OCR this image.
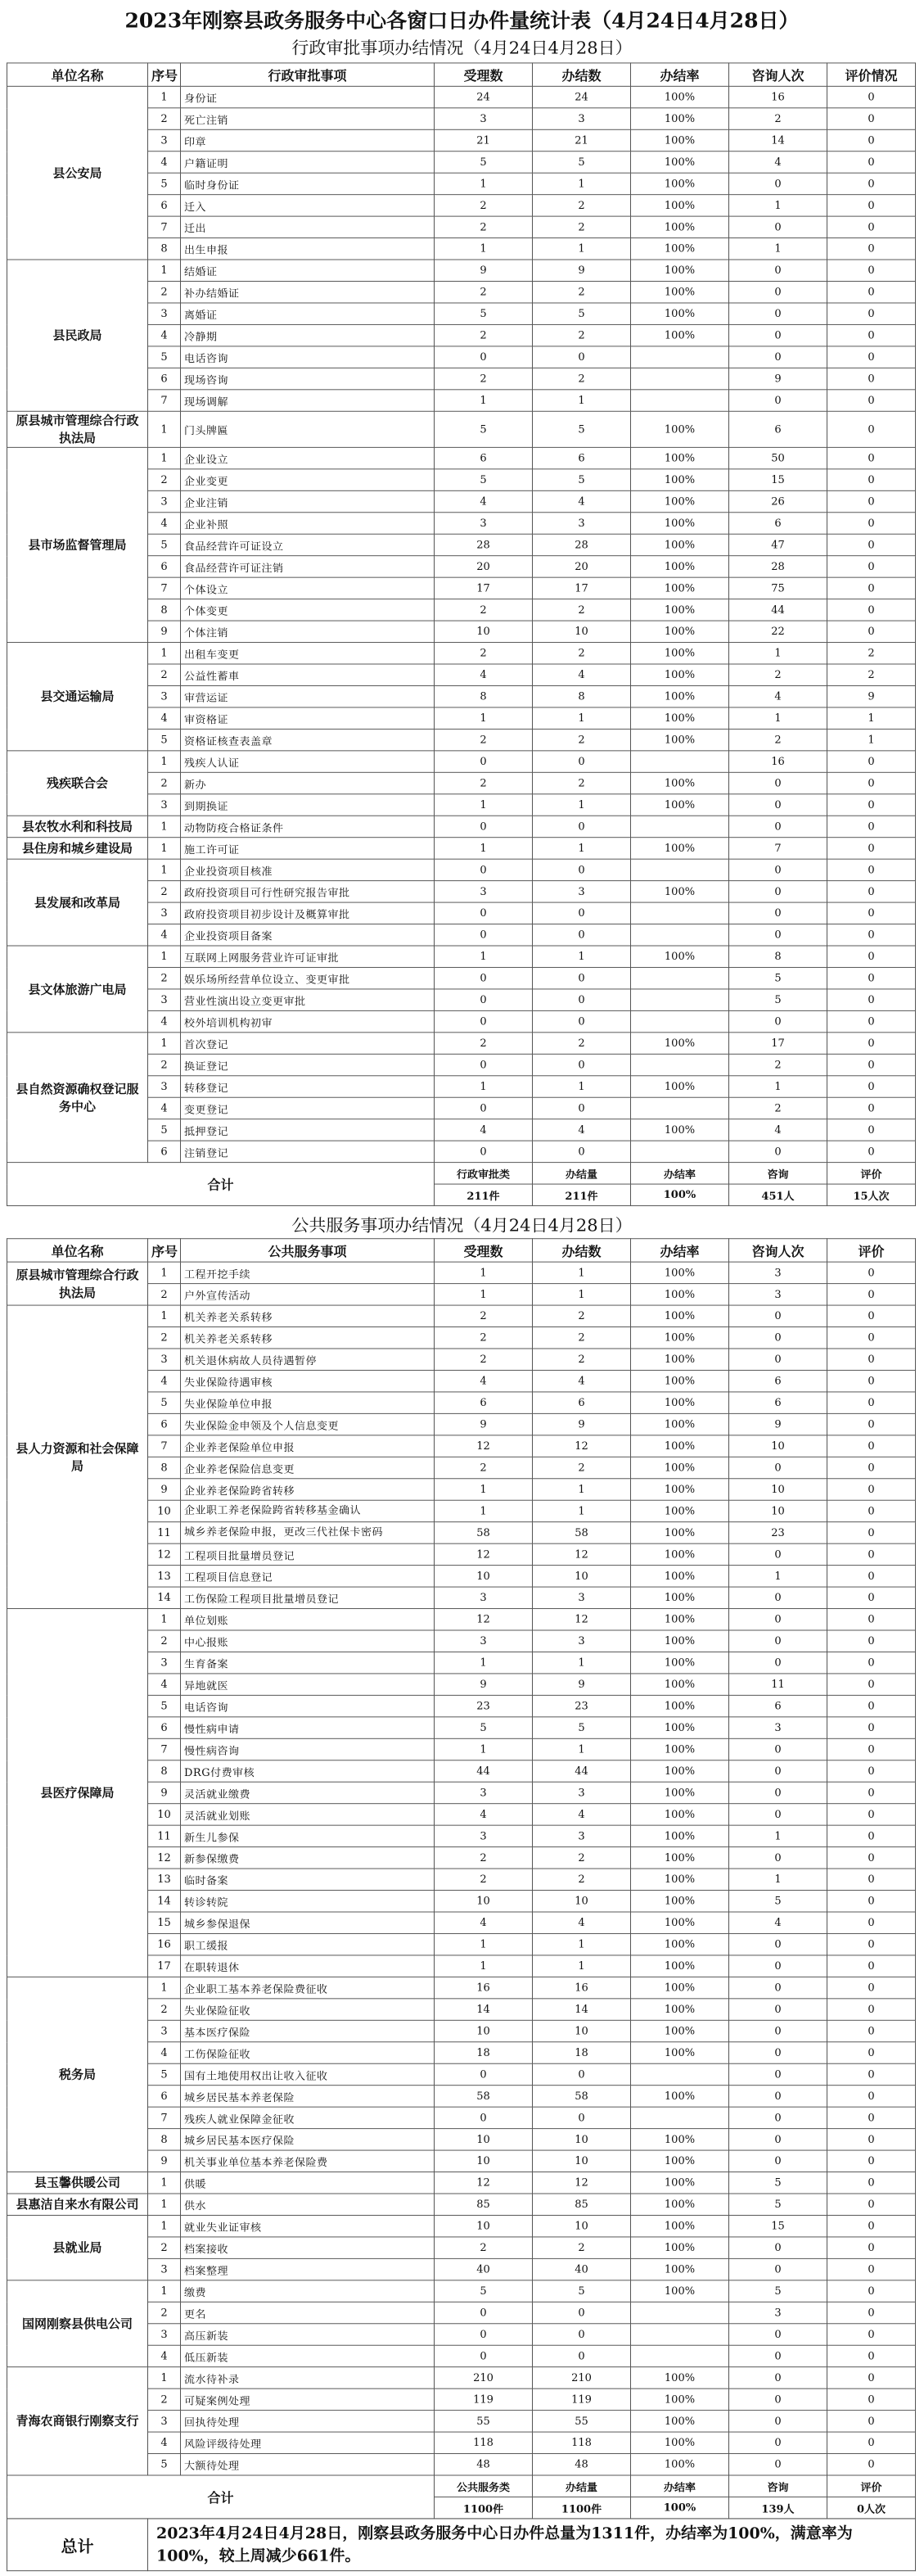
2023年刚察县政务服务中心各窗口日办件量统计表（4月24日4月28日）
行政审批事项办结情况（4月24日4月28日）
单位名称	序号	行政审批事项	受理数	办结数	办结率	咨询人次	评价情况
县公安局	1	身份证	24	24	100%	16	0
	2	死亡注销	3	3	100%	2	0
	3	印章	21	21	100%	14	0
	4	户籍证明	5	5	100%	4	0
	5	临时身份证	1	1	100%	0	0
	6	迁入	2	2	100%	1	0
	7	迁出	2	2	100%	0	0
	8	出生申报	1	1	100%	1	0
县民政局	1	结婚证	9	9	100%	0	0
	2	补办结婚证	2	2	100%	0	0
	3	离婚证	5	5	100%	0	0
	4	冷静期	2	2	100%	0	0
	5	电话咨询	0	0		0	0
	6	现场咨询	2	2		9	0
	7	现场调解	1	1		0	0
原县城市管理综合行政执法局	1	门头牌匾	5	5	100%	6	0
县市场监督管理局	1	企业设立	6	6	100%	50	0
	2	企业变更	5	5	100%	15	0
	3	企业注销	4	4	100%	26	0
	4	企业补照	3	3	100%	6	0
	5	食品经营许可证设立	28	28	100%	47	0
	6	食品经营许可证注销	20	20	100%	28	0
	7	个体设立	17	17	100%	75	0
	8	个体变更	2	2	100%	44	0
	9	个体注销	10	10	100%	22	0
县交通运输局	1	出租车变更	2	2	100%	1	2
	2	公益性蓄車	4	4	100%	2	2
	3	审营运证	8	8	100%	4	9
	4	审资格证	1	1	100%	1	1
	5	资格证核查表盖章	2	2	100%	2	1
残疾联合会	1	残疾人认证	0	0		16	0
	2	新办	2	2	100%	0	0
	3	到期换证	1	1	100%	0	0
县农牧水利和科技局	1	动物防疫合格证条件	0	0		0	0
县住房和城乡建设局	1	施工许可证	1	1	100%	7	0
县发展和改革局	1	企业投资项目核准	0	0		0	0
	2	政府投资项目可行性研究报告审批	3	3	100%	0	0
	3	政府投资项目初步设计及概算审批	0	0		0	0
	4	企业投资项目备案	0	0		0	0
县文体旅游广电局	1	互联网上网服务营业许可证审批	1	1	100%	8	0
	2	娱乐场所经营单位设立、变更审批	0	0		5	0
	3	营业性演出设立变更审批	0	0		5	0
	4	校外培训机构初审	0	0		0	0
县自然资源确权登记服务中心	1	首次登记	2	2	100%	17	0
	2	换证登记	0	0		2	0
	3	转移登记	1	1	100%	1	0
	4	变更登记	0	0		2	0
	5	抵押登记	4	4	100%	4	0
	6	注销登记	0	0		0	0
合计			行政审批类	办结量	办结率	咨询	评价
			211件	211件	100%	451人	15人次
公共服务事项办结情况（4月24日4月28日）
单位名称	序号	公共服务事项	受理数	办结数	办结率	咨询人次	评价
原县城市管理综合行政执法局	1	工程开挖手续	1	1	100%	3	0
	2	户外宣传活动	1	1	100%	3	0
县人力资源和社会保障局	1	机关养老关系转移	2	2	100%	0	0
	2	机关养老关系转移	2	2	100%	0	0
	3	机关退休病故人员待遇暂停	2	2	100%	0	0
	4	失业保险待遇审核	4	4	100%	6	0
	5	失业保险单位申报	6	6	100%	6	0
	6	失业保险金申领及个人信息变更	9	9	100%	9	0
	7	企业养老保险单位申报	12	12	100%	10	0
	8	企业养老保险信息变更	2	2	100%	0	0
	9	企业养老保险跨省转移	1	1	100%	10	0
	10	企业职工养老保险跨省转移基金确认	1	1	100%	10	0
	11	城乡养老保险申报，更改三代社保卡密码	58	58	100%	23	0
	12	工程项目批量增员登记	12	12	100%	0	0
	13	工程项目信息登记	10	10	100%	1	0
	14	工伤保险工程项目批量增员登记	3	3	100%	0	0
县医疗保障局	1	单位划账	12	12	100%	0	0
	2	中心报账	3	3	100%	0	0
	3	生育备案	1	1	100%	0	0
	4	异地就医	9	9	100%	11	0
	5	电话咨询	23	23	100%	6	0
	6	慢性病申请	5	5	100%	3	0
	7	慢性病咨询	1	1	100%	0	0
	8	DRG付费审核	44	44	100%	0	0
	9	灵活就业缴费	3	3	100%	0	0
	10	灵活就业划账	4	4	100%	0	0
	11	新生儿参保	3	3	100%	1	0
	12	新参保缴费	2	2	100%	0	0
	13	临时备案	2	2	100%	1	0
	14	转诊转院	10	10	100%	5	0
	15	城乡参保退保	4	4	100%	4	0
	16	职工缓报	1	1	100%	0	0
	17	在职转退休	1	1	100%	0	0
税务局	1	企业职工基本养老保险费征收	16	16	100%	0	0
	2	失业保险征收	14	14	100%	0	0
	3	基本医疗保险	10	10	100%	0	0
	4	工伤保险征收	18	18	100%	0	0
	5	国有土地使用权出让收入征收	0	0		0	0
	6	城乡居民基本养老保险	58	58	100%	0	0
	7	残疾人就业保障金征收	0	0		0	0
	8	城乡居民基本医疗保险	10	10	100%	0	0
	9	机关事业单位基本养老保险费	10	10	100%	0	0
县玉馨供暖公司	1	供暖	12	12	100%	5	0
县惠洁自来水有限公司	1	供水	85	85	100%	5	0
县就业局	1	就业失业证审核	10	10	100%	15	0
	2	档案接收	2	2	100%	0	0
	3	档案整理	40	40	100%	0	0
国网刚察县供电公司	1	缴费	5	5	100%	5	0
	2	更名	0	0		3	0
	3	高压新装	0	0		0	0
	4	低压新装	0	0		0	0
青海农商银行刚察支行	1	流水待补录	210	210	100%	0	0
	2	可疑案例处理	119	119	100%	0	0
	3	回执待处理	55	55	100%	0	0
	4	风险评级待处理	118	118	100%	0	0
	5	大额待处理	48	48	100%	0	0
合计			公共服务类	办结量	办结率	咨询	评价
			1100件	1100件	100%	139人	0人次
总计	2023年4月24日4月28日，刚察县政务服务中心日办件总量为1311件，办结率为100%，满意率为100%，较上周减少661件。
